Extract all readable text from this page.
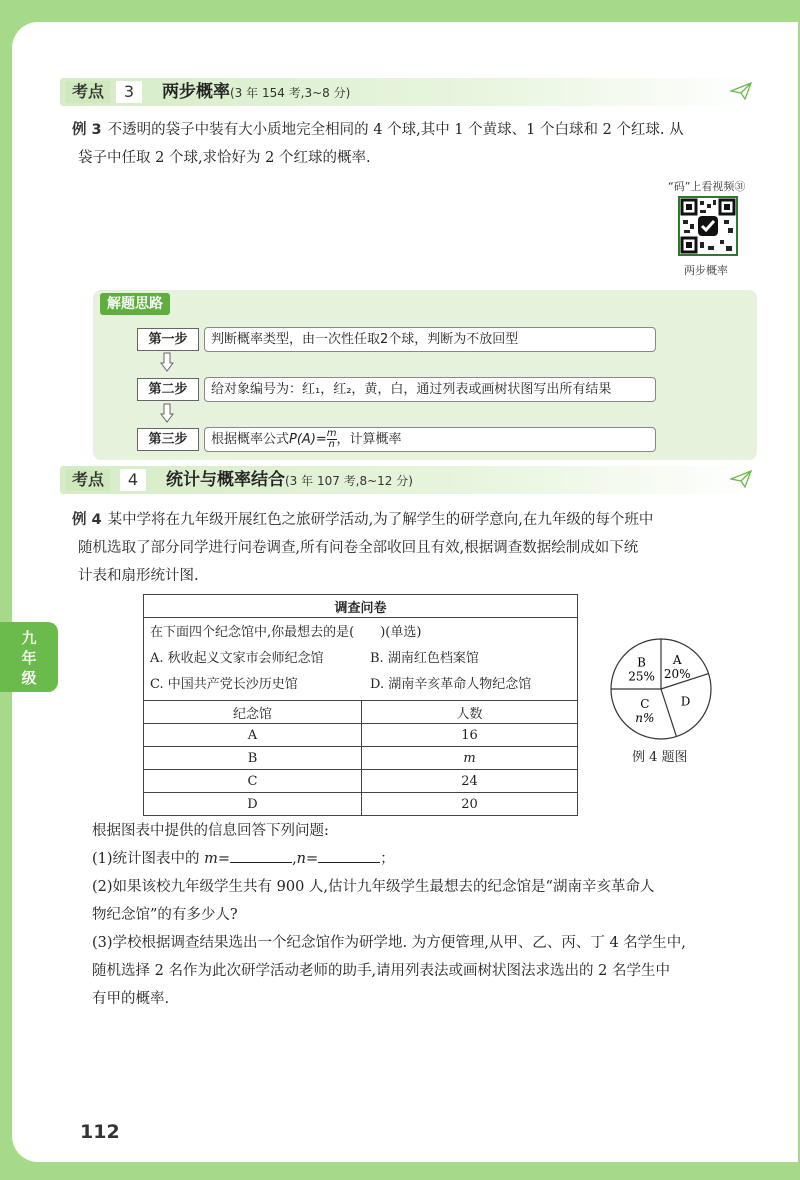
考点	3	两步概率(3 年 154 考,3~8 分)
例 3 不透明的袋子中装有大小质地完全相同的 4 个球,其中 1 个黄球、1 个白球和 2 个红球. 从
袋子中任取 2 个球,求恰好为 2 个红球的概率.
“码”上看视频㉛
两步概率
解题思路
第一步	判断概率类型，由一次性任取2个球，判断为不放回型
第二步	给对象编号为：红₁，红₂，黄，白，通过列表或画树状图写出所有结果
第三步	根据概率公式$P(A)= \frac{m}{n}$ ，计算概率
考点	4	统计与概率结合(3 年 107 考,8~12 分)
例 4 某中学将在九年级开展红色之旅研学活动,为了解学生的研学意向,在九年级的每个班中
随机选取了部分同学进行问卷调查,所有问卷全部收回且有效,根据调查数据绘制成如下统
计表和扇形统计图.
调查问卷	

在下面四个纪念馆中,你最想去的是(　　)(单选)
A. 秋收起义文家市会师纪念馆 B. 湖南红色档案馆
C. 中国共产党长沙历史馆 D. 湖南辛亥革命人物纪念馆	

纪念馆	人数
A	16
B	m
C	24
D	20
A
20%
D
C
n%
B
25%
例 4 题图
九
年
级
根据图表中提供的信息回答下列问题:
(1)统计图表中的 m=	,n=	；
(2)如果该校九年级学生共有 900 人,估计九年级学生最想去的纪念馆是“湖南辛亥革命人
物纪念馆”的有多少人?
(3)学校根据调查结果选出一个纪念馆作为研学地. 为方便管理,从甲、乙、丙、丁 4 名学生中,
随机选择 2 名作为此次研学活动老师的助手,请用列表法或画树状图法求选出的 2 名学生中
有甲的概率.
112
